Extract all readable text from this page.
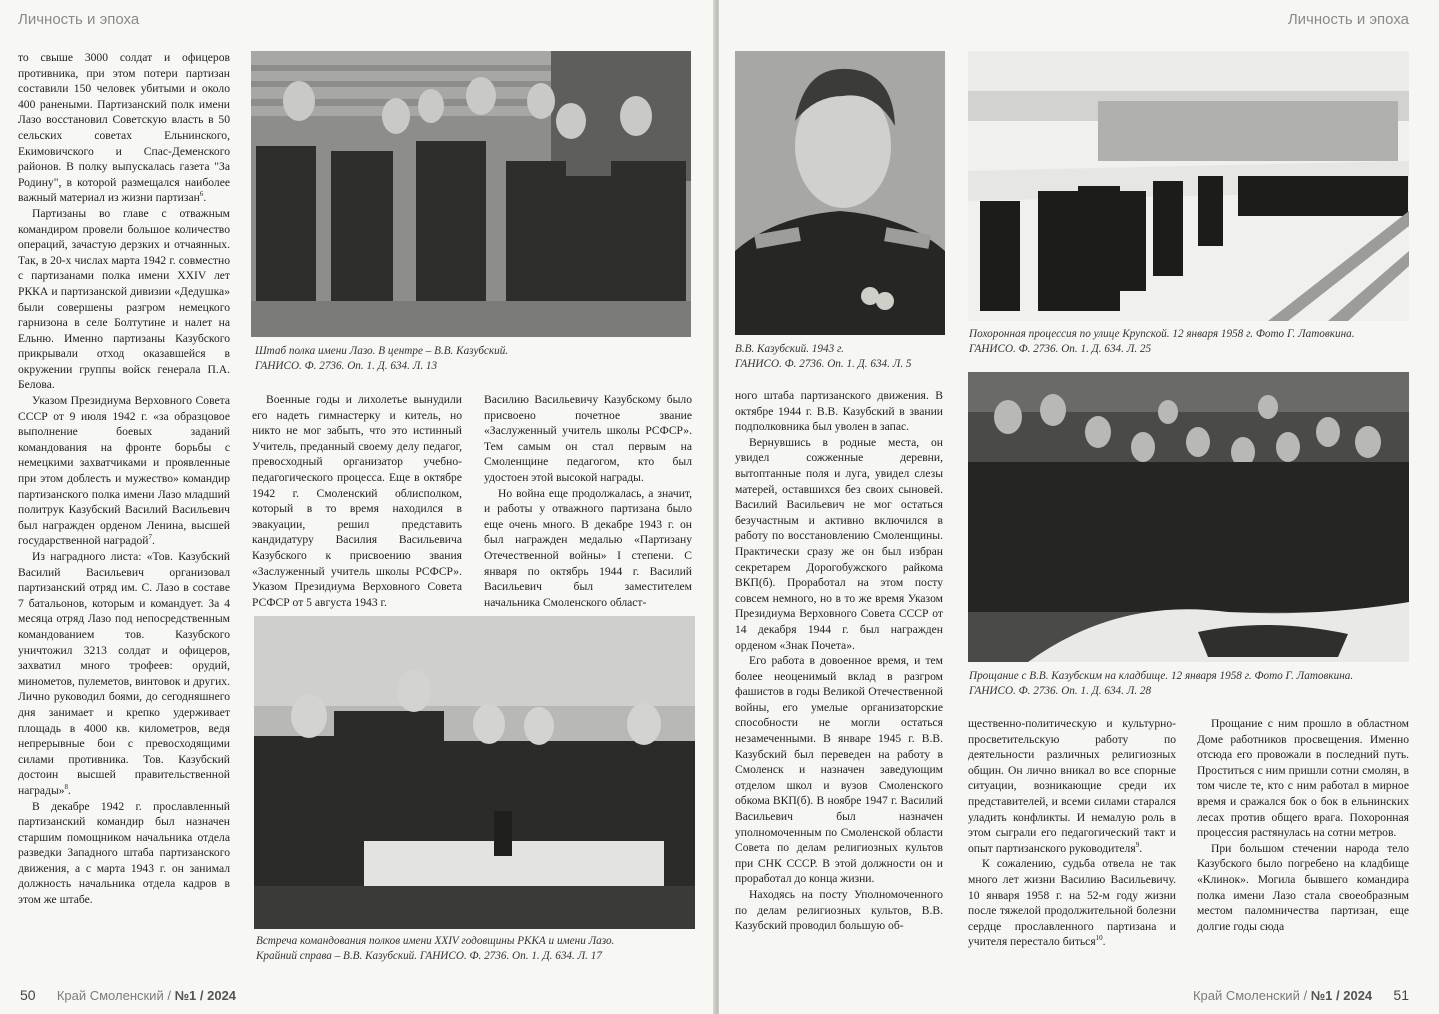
Личность и эпоха

то свыше 3000 солдат и офицеров противника, при этом потери партизан составили 150 человек убитыми и около 400 ранеными. Партизанский полк имени Лазо восстановил Советскую власть в 50 сельских советах Ельнинского, Екимовичского и Спас-Деменского районов. В полку выпускалась газета "За Родину", в которой размещался наиболее важный материал из жизни партизан$^6$.

Партизаны во главе с отважным командиром провели большое количество операций, зачастую дерзких и отчаянных. Так, в 20-х числах марта 1942 г. совместно с партизанами полка имени XXIV лет РККА и партизанской дивизии «Дедушка» были совершены разгром немецкого гарнизона в селе Болтутине и налет на Ельню. Именно партизаны Казубского прикрывали отход оказавшейся в окружении группы войск генерала П.А. Белова.

Указом Президиума Верховного Совета СССР от 9 июля 1942 г. «за образцовое выполнение боевых заданий командования на фронте борьбы с немецкими захватчиками и проявленные при этом доблесть и мужество» командир партизанского полка имени Лазо младший политрук Казубский Василий Васильевич был награжден орденом Ленина, высшей государственной наградой$^7$.

Из наградного листа: «Тов. Казубский Василий Васильевич организовал партизанский отряд им. С. Лазо в составе 7 батальонов, которым и командует. За 4 месяца отряд Лазо под непосредственным командованием тов. Казубского уничтожил 3213 солдат и офицеров, захватил много трофеев: орудий, минометов, пулеметов, винтовок и других. Лично руководил боями, до сегодняшнего дня занимает и крепко удерживает площадь в 4000 кв. километров, ведя непрерывные бои с превосходящими силами противника. Тов. Казубский достоин высшей правительственной награды»$^8$.

В декабре 1942 г. прославленный партизанский командир был назначен старшим помощником начальника отдела разведки Западного штаба партизанского движения, а с марта 1943 г. он занимал должность начальника отдела кадров в этом же штабе.

Штаб полка имени Лазо. В центре – В.В. Казубский.
ГАНИСО. Ф. 2736. Оп. 1. Д. 634. Л. 13

Военные годы и лихолетье вынудили его надеть гимнастерку и китель, но никто не мог забыть, что это истинный Учитель, преданный своему делу педагог, превосходный организатор учебно-педагогического процесса. Еще в октябре 1942 г. Смоленский облисполком, который в то время находился в эвакуации, решил представить кандидатуру Василия Васильевича Казубского к присвоению звания «Заслуженный учитель школы РСФСР». Указом Президиума Верховного Совета РСФСР от 5 августа 1943 г.

Василию Васильевичу Казубскому было присвоено почетное звание «Заслуженный учитель школы РСФСР». Тем самым он стал первым на Смоленщине педагогом, кто был удостоен этой высокой награды.

Но война еще продолжалась, а значит, и работы у отважного партизана было еще очень много. В декабре 1943 г. он был награжден медалью «Партизану Отечественной войны» I степени. С января по октябрь 1944 г. Василий Васильевич был заместителем начальника Смоленского област-

Встреча командования полков имени XXIV годовщины РККА и имени Лазо.
Крайний справа – В.В. Казубский. ГАНИСО. Ф. 2736. Оп. 1. Д. 634. Л. 17
50 Край Смоленский / №1 / 2024
Личность и эпоха
В.В. Казубский. 1943 г.
ГАНИСО. Ф. 2736. Оп. 1. Д. 634. Л. 5
Похоронная процессия по улице Крупской. 12 января 1958 г. Фото Г. Латовкина.
ГАНИСО. Ф. 2736. Оп. 1. Д. 634. Л. 25

ного штаба партизанского движения. В октябре 1944 г. В.В. Казубский в звании подполковника был уволен в запас.

Вернувшись в родные места, он увидел сожженные деревни, вытоптанные поля и луга, увидел слезы матерей, оставшихся без своих сыновей. Василий Васильевич не мог остаться безучастным и активно включился в работу по восстановлению Смоленщины. Практически сразу же он был избран секретарем Дорогобужского райкома ВКП(б). Проработал на этом посту совсем немного, но в то же время Указом Президиума Верховного Совета СССР от 14 декабря 1944 г. был награжден орденом «Знак Почета».

Его работа в довоенное время, и тем более неоценимый вклад в разгром фашистов в годы Великой Отечественной войны, его умелые организаторские способности не могли остаться незамеченными. В январе 1945 г. В.В. Казубский был переведен на работу в Смоленск и назначен заведующим отделом школ и вузов Смоленского обкома ВКП(б). В ноябре 1947 г. Василий Васильевич был назначен уполномоченным по Смоленской области Совета по делам религиозных культов при СНК СССР. В этой должности он и проработал до конца жизни.

Находясь на посту Уполномоченного по делам религиозных культов, В.В. Казубский проводил большую об-

Прощание с В.В. Казубским на кладбище. 12 января 1958 г. Фото Г. Латовкина.
ГАНИСО. Ф. 2736. Оп. 1. Д. 634. Л. 28

щественно-политическую и культурно-просветительскую работу по деятельности различных религиозных общин. Он лично вникал во все спорные ситуации, возникающие среди их представителей, и всеми силами старался уладить конфликты. И немалую роль в этом сыграли его педагогический такт и опыт партизанского руководителя$^9$.

К сожалению, судьба отвела не так много лет жизни Василию Васильевичу. 10 января 1958 г. на 52-м году жизни после тяжелой продолжительной болезни сердце прославленного партизана и учителя перестало биться$^{10}$.

Прощание с ним прошло в областном Доме работников просвещения. Именно отсюда его провожали в последний путь. Проститься с ним пришли сотни смолян, в том числе те, кто с ним работал в мирное время и сражался бок о бок в ельнинских лесах против общего врага. Похоронная процессия растянулась на сотни метров.

При большом стечении народа тело Казубского было погребено на кладбище «Клинок». Могила бывшего командира полка имени Лазо стала своеобразным местом паломничества партизан, еще долгие годы сюда

Край Смоленский / №1 / 2024 51
